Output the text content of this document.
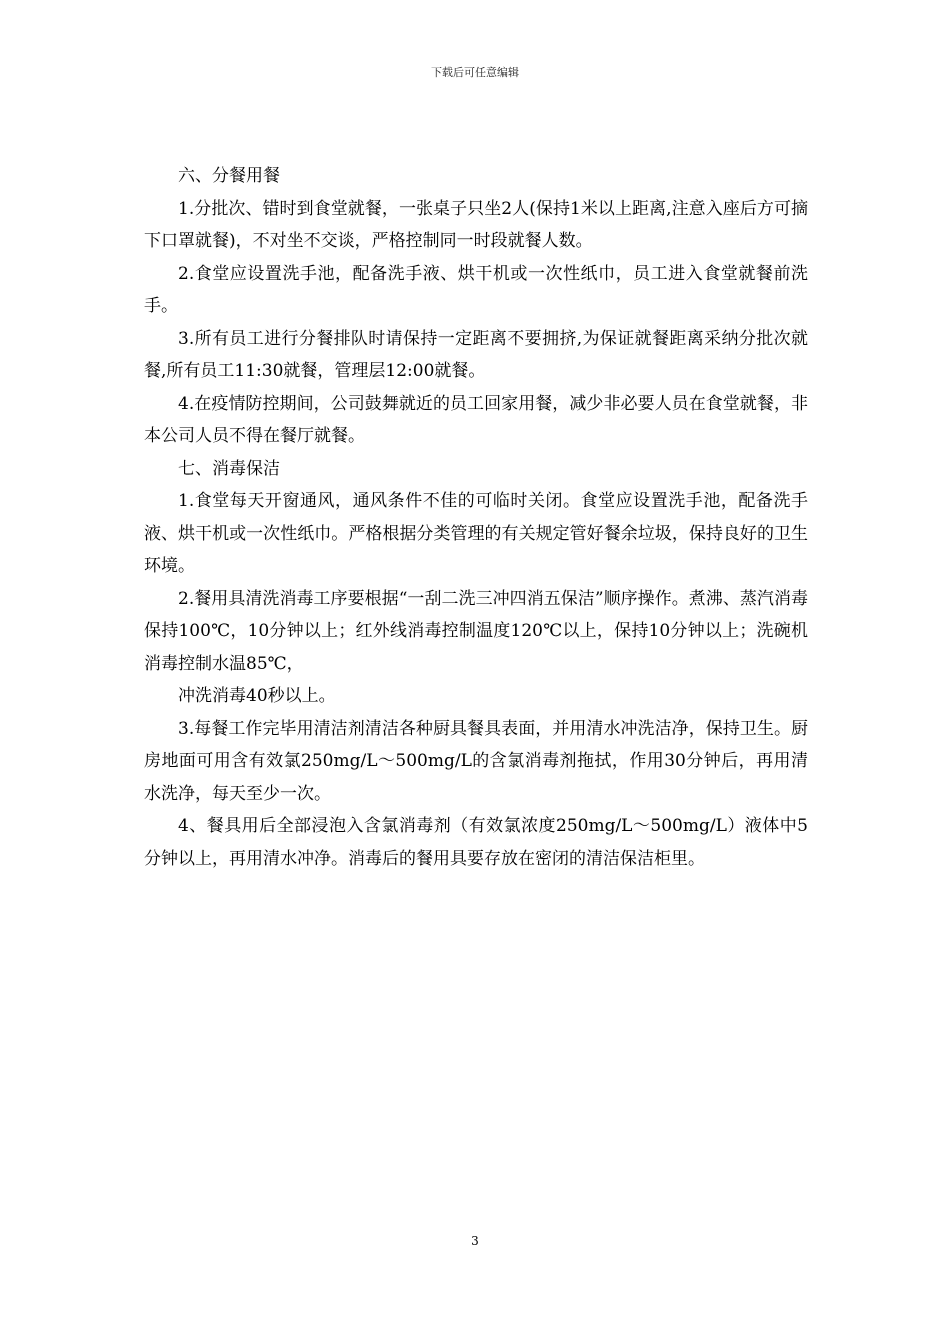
下载后可任意编辑

六、分餐用餐

1.分批次、错时到食堂就餐，一张桌子只坐2人(保持1米以上距离,注意入座后方可摘下口罩就餐)，不对坐不交谈，严格控制同一时段就餐人数。

2.食堂应设置洗手池，配备洗手液、烘干机或一次性纸巾，员工进入食堂就餐前洗手。

3.所有员工进行分餐排队时请保持一定距离不要拥挤,为保证就餐距离采纳分批次就餐,所有员工11:30就餐，管理层12:00就餐。

4.在疫情防控期间，公司鼓舞就近的员工回家用餐，减少非必要人员在食堂就餐，非本公司人员不得在餐厅就餐。

七、消毒保洁

1.食堂每天开窗通风，通风条件不佳的可临时关闭。食堂应设置洗手池，配备洗手液、烘干机或一次性纸巾。严格根据分类管理的有关规定管好餐余垃圾，保持良好的卫生环境。

2.餐用具清洗消毒工序要根据“一刮二洗三冲四消五保洁”顺序操作。煮沸、蒸汽消毒保持100℃，10分钟以上；红外线消毒控制温度120℃以上，保持10分钟以上；洗碗机消毒控制水温85℃，

冲洗消毒40秒以上。

3.每餐工作完毕用清洁剂清洁各种厨具餐具表面，并用清水冲洗洁净，保持卫生。厨房地面可用含有效氯250mg/L～500mg/L的含氯消毒剂拖拭，作用30分钟后，再用清水洗净，每天至少一次。

4、餐具用后全部浸泡入含氯消毒剂（有效氯浓度250mg/L～500mg/L）液体中5分钟以上，再用清水冲净。消毒后的餐用具要存放在密闭的清洁保洁柜里。

3
